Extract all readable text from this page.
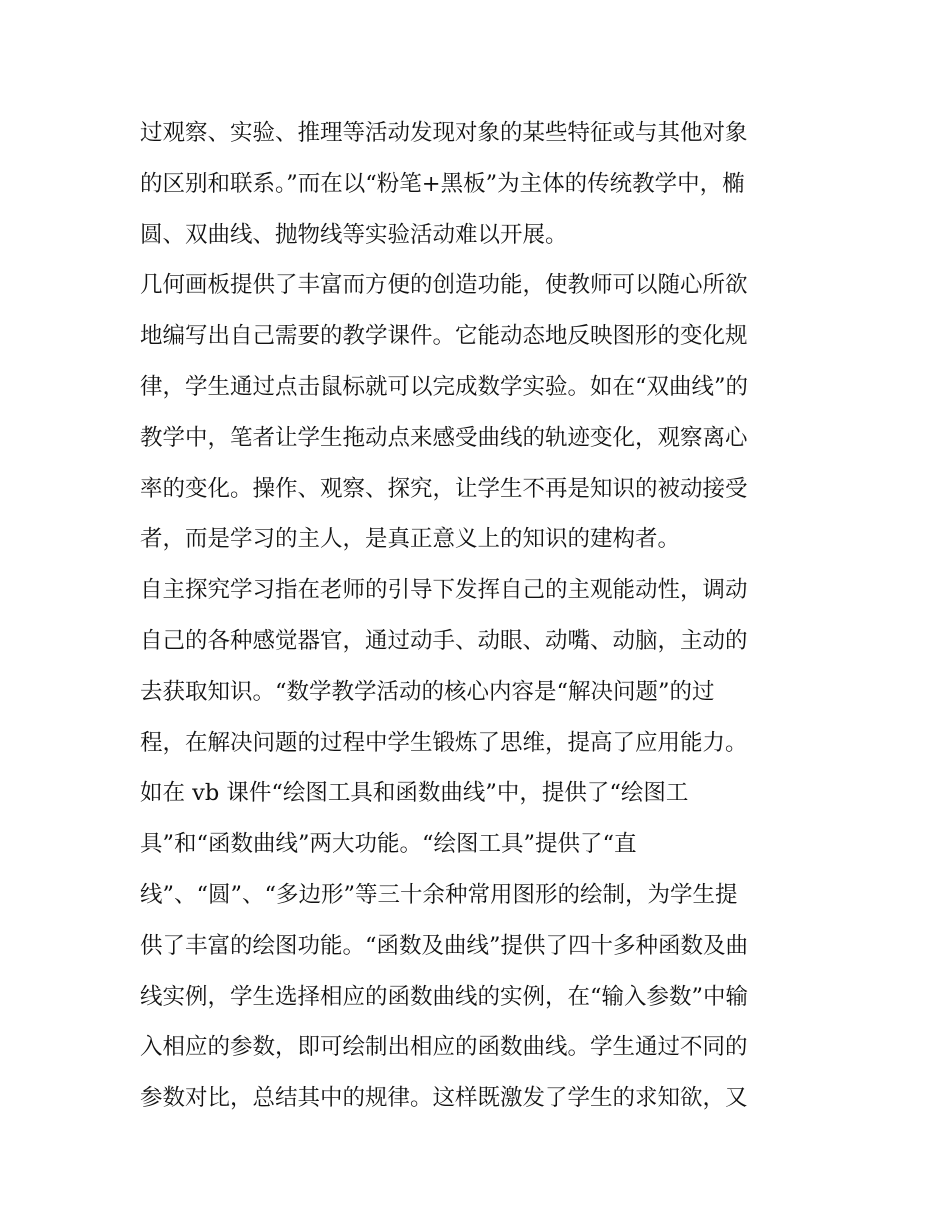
过观察、实验、推理等活动发现对象的某些特征或与其他对象
的区别和联系。”而在以“粉笔+黑板”为主体的传统教学中，椭
圆、双曲线、抛物线等实验活动难以开展。
几何画板提供了丰富而方便的创造功能，使教师可以随心所欲
地编写出自己需要的教学课件。它能动态地反映图形的变化规
律，学生通过点击鼠标就可以完成数学实验。如在“双曲线”的
教学中，笔者让学生拖动点来感受曲线的轨迹变化，观察离心
率的变化。操作、观察、探究，让学生不再是知识的被动接受
者，而是学习的主人，是真正意义上的知识的建构者。
自主探究学习指在老师的引导下发挥自己的主观能动性，调动
自己的各种感觉器官，通过动手、动眼、动嘴、动脑，主动的
去获取知识。“数学教学活动的核心内容是“解决问题”的过
程，在解决问题的过程中学生锻炼了思维，提高了应用能力。
如在 vb 课件“绘图工具和函数曲线”中，提供了“绘图工
具”和“函数曲线”两大功能。“绘图工具”提供了“直
线”、“圆”、“多边形”等三十余种常用图形的绘制，为学生提
供了丰富的绘图功能。“函数及曲线”提供了四十多种函数及曲
线实例，学生选择相应的函数曲线的实例，在“输入参数”中输
入相应的参数，即可绘制出相应的函数曲线。学生通过不同的
参数对比，总结其中的规律。这样既激发了学生的求知欲，又
